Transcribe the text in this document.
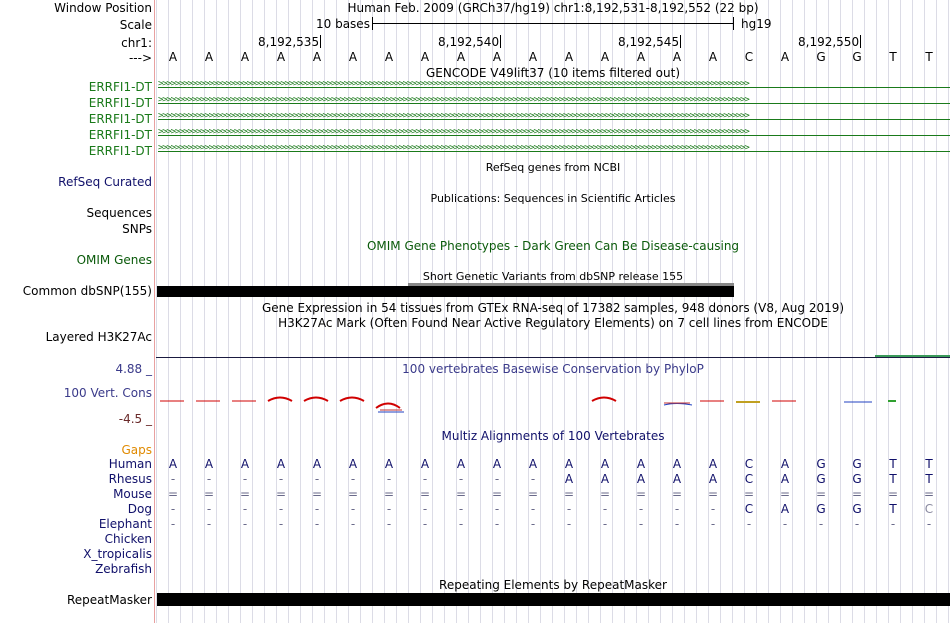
Window Position	Human Feb. 2009 (GRCh37/hg19) chr1:8,192,531-8,192,552 (22 bp)
Scale	10 bases	hg19
chr1:	8,192,535	8,192,540	8,192,545	8,192,550
--->	A	A	A	A	A	A	A	A	A	A	A	A	A	A	A	A	C	A	G	G	T	T
GENCODE V49lift37 (10 items filtered out)
ERRFI1-DT >>>>>>>>>>>>>>>>>>>>>>>>>>>>>>>>>>>>>>>>>>>>>>>>>>>>>>>>>>>>>>>>>>>>>>>>>>>>>>>>>>>>>>>>>>>>>>>>>>>>>>>>>>>>>>>>>>>>>>>>>>>>>>>>>>>>>>>>>>>>
ERRFI1-DT >>>>>>>>>>>>>>>>>>>>>>>>>>>>>>>>>>>>>>>>>>>>>>>>>>>>>>>>>>>>>>>>>>>>>>>>>>>>>>>>>>>>>>>>>>>>>>>>>>>>>>>>>>>>>>>>>>>>>>>>>>>>>>>>>>>>>>>>>>>>
ERRFI1-DT >>>>>>>>>>>>>>>>>>>>>>>>>>>>>>>>>>>>>>>>>>>>>>>>>>>>>>>>>>>>>>>>>>>>>>>>>>>>>>>>>>>>>>>>>>>>>>>>>>>>>>>>>>>>>>>>>>>>>>>>>>>>>>>>>>>>>>>>>>>>
ERRFI1-DT >>>>>>>>>>>>>>>>>>>>>>>>>>>>>>>>>>>>>>>>>>>>>>>>>>>>>>>>>>>>>>>>>>>>>>>>>>>>>>>>>>>>>>>>>>>>>>>>>>>>>>>>>>>>>>>>>>>>>>>>>>>>>>>>>>>>>>>>>>>>
ERRFI1-DT >>>>>>>>>>>>>>>>>>>>>>>>>>>>>>>>>>>>>>>>>>>>>>>>>>>>>>>>>>>>>>>>>>>>>>>>>>>>>>>>>>>>>>>>>>>>>>>>>>>>>>>>>>>>>>>>>>>>>>>>>>>>>>>>>>>>>>>>>>>>
RefSeq genes from NCBI
RefSeq Curated
Publications: Sequences in Scientific Articles
Sequences
SNPs
OMIM Gene Phenotypes - Dark Green Can Be Disease-causing
OMIM Genes
Short Genetic Variants from dbSNP release 155
Common dbSNP(155)
Gene Expression in 54 tissues from GTEx RNA-seq of 17382 samples, 948 donors (V8, Aug 2019)
H3K27Ac Mark (Often Found Near Active Regulatory Elements) on 7 cell lines from ENCODE
Layered H3K27Ac
100 vertebrates Basewise Conservation by PhyloP
4.88 _
100 Vert. Cons
-4.5 _
Multiz Alignments of 100 Vertebrates
Gaps
Human	A	A	A	A	A	A	A	A	A	A	A	A	A	A	A	A	C	A	G	G	T	T
Rhesus	-	-	-	-	-	-	-	-	-	-	-	A	A	A	A	A	C	A	G	G	T	T
Mouse	=	=	=	=	=	=	=	=	=	=	=	=	=	=	=	=	=	=	=	=	=	=
Dog	-	-	-	-	-	-	-	-	-	-	-	-	-	-	-	-	C	A	G	G	T	C
Elephant	-	-	-	-	-	-	-	-	-	-	-	-	-	-	-	-	-	-	-	-	-	-
Chicken
X_tropicalis
Zebrafish
Repeating Elements by RepeatMasker
RepeatMasker
